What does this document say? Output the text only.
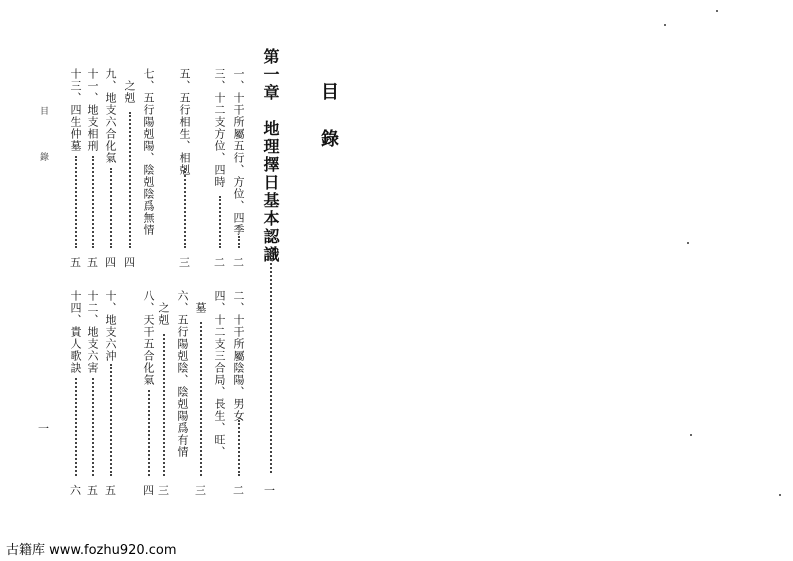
目
錄
第一章　地理擇日基本認識
一
一、十干所屬五行、方位、四季
二
三、十二支方位、四時
二
五、五行相生、相剋
三
七、五行陽剋陽、陰剋陰爲無情
之剋
四
九、地支六合化氣
四
十一、地支相刑
五
十三、四生仲墓
五
二、十干所屬陰陽、男女
二
四、十二支三合局、長生、旺、
墓
三
六、五行陽剋陰、陰剋陽爲有情
之剋
三
八、天干五合化氣
四
十、地支六沖
五
十二、地支六害
五
十四、貴人歌訣
六
目　錄
一
古籍库 www.fozhu920.com
